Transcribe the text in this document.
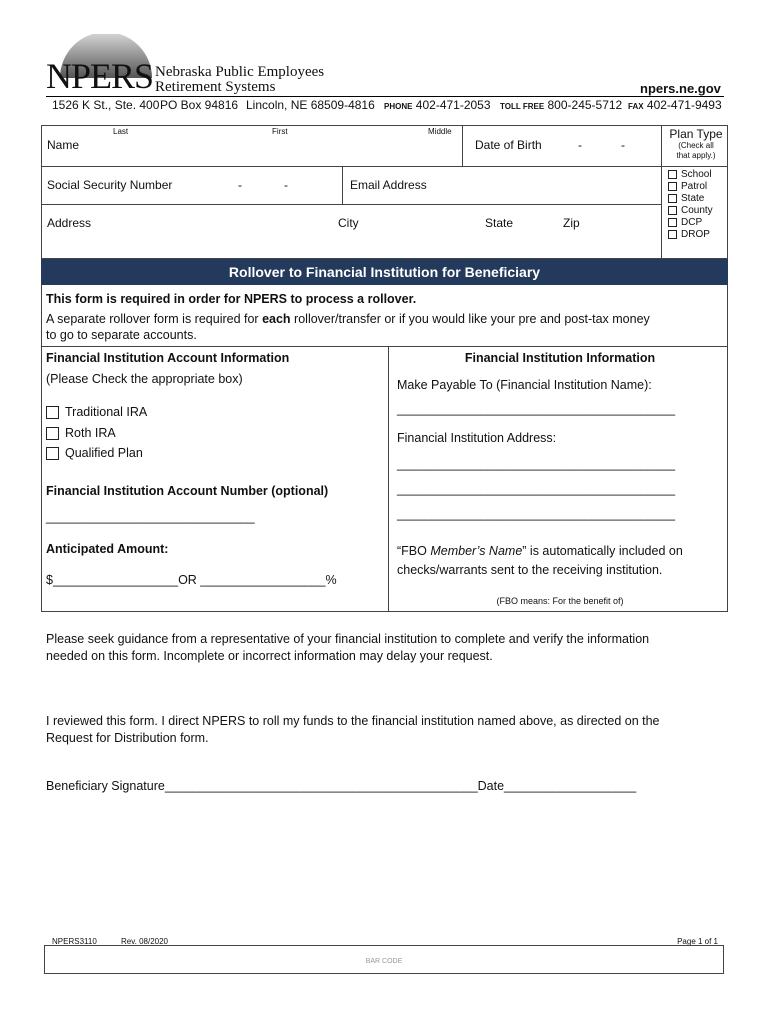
NPERS Nebraska Public Employees
Retirement Systems	npers.ne.gov
1526 K St., Ste. 400 PO Box 94816 Lincoln, NE 68509-4816 PHONE 402-471-2053 TOLL FREE 800-245-5712 FAX 402-471-9493
Last	First	Middle
Name	Date of Birth	-	-
Social Security Number	-	-	Email Address
Address	City	State	Zip
Plan Type
(Check all
that apply.)
School
Patrol
State
County
DCP
DROP
Rollover to Financial Institution for Beneficiary
This form is required in order for NPERS to process a rollover.
A separate rollover form is required for each rollover/transfer or if you would like your pre and post-tax money
to go to separate accounts.
Financial Institution Account Information
(Please Check the appropriate box)
Traditional IRA
Roth IRA
Qualified Plan
Financial Institution Account Number (optional)
______________________________
Anticipated Amount:
$__________________OR __________________%
Financial Institution Information
Make Payable To (Financial Institution Name):
________________________________________
Financial Institution Address:
________________________________________
________________________________________
________________________________________
“FBO Member’s Name” is automatically included on
checks/warrants sent to the receiving institution.
(FBO means: For the benefit of)
Please seek guidance from a representative of your financial institution to complete and verify the information
needed on this form. Incomplete or incorrect information may delay your request.
I reviewed this form. I direct NPERS to roll my funds to the financial institution named above, as directed on the
Request for Distribution form.
Beneficiary Signature_____________________________________________Date___________________
NPERS3110	Rev. 08/2020	Page 1 of 1
BAR CODE
